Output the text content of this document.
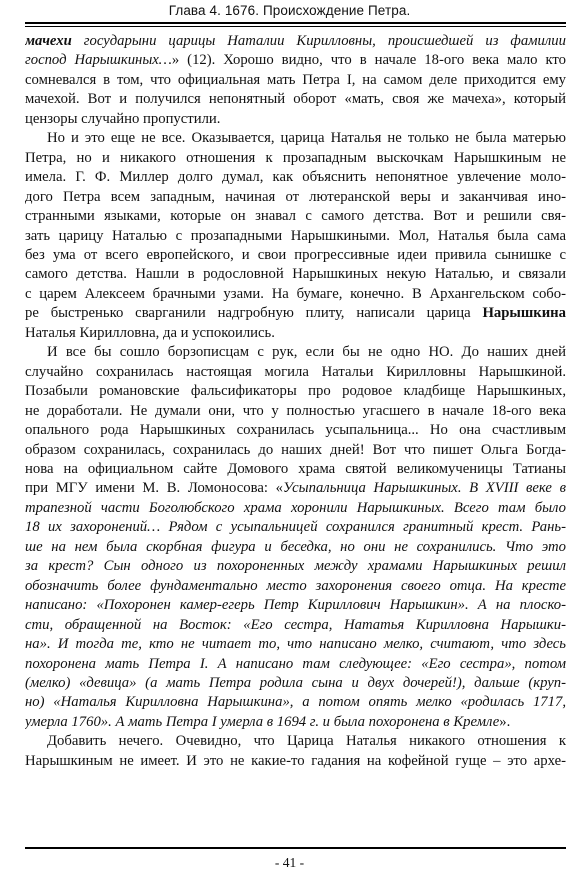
Глава 4. 1676. Происхождение Петра.
мачехи государыни царицы Наталии Кирилловны, происшедшей из фамилии
господ Нарышкиных…» (12). Хорошо видно, что в начале 18-ого века мало кто
сомневался в том, что официальная мать Петра I, на самом деле приходится ему
мачехой. Вот и получился непонятный оборот «мать, своя же мачеха», который
цензоры случайно пропустили.
Но и это еще не все. Оказывается, царица Наталья не только не была матерью
Петра, но и никакого отношения к прозападным выскочкам Нарышкиным не
имела. Г. Ф. Миллер долго думал, как объяснить непонятное увлечение моло-
дого Петра всем западным, начиная от лютеранской веры и заканчивая ино-
странными языками, которые он знавал с самого детства. Вот и решили свя-
зать царицу Наталью с прозападными Нарышкиными. Мол, Наталья была сама
без ума от всего европейского, и свои прогрессивные идеи привила сынишке с
самого детства. Нашли в родословной Нарышкиных некую Наталью, и связали
с царем Алексеем брачными узами. На бумаге, конечно. В Архангельском собо-
ре быстренько сварганили надгробную плиту, написали царица Нарышкина
Наталья Кирилловна, да и успокоились.
И все бы сошло борзописцам с рук, если бы не одно НО. До наших дней
случайно сохранилась настоящая могила Натальи Кирилловны Нарышкиной.
Позабыли романовские фальсификаторы про родовое кладбище Нарышкиных,
не доработали. Не думали они, что у полностью угасшего в начале 18-ого века
опального рода Нарышкиных сохранилась усыпальница... Но она счастливым
образом сохранилась, сохранилась до наших дней! Вот что пишет Ольга Богда-
нова на официальном сайте Домового храма святой великомученицы Татианы
при МГУ имени М. В. Ломоносова: «Усыпальница Нарышкиных. В XVIII веке в
трапезной части Боголюбского храма хоронили Нарышкиных. Всего там было
18 их захоронений… Рядом с усыпальницей сохранился гранитный крест. Рань-
ше на нем была скорбная фигура и беседка, но они не сохранились. Что это
за крест? Сын одного из похороненных между храмами Нарышкиных решил
обозначить более фундаментально место захоронения своего отца. На кресте
написано: «Похоронен камер-егерь Петр Кириллович Нарышкин». А на плоско-
сти, обращенной на Восток: «Его сестра, Нататья Кирилловна Нарышки-
на». И тогда те, кто не читает то, что написано мелко, считают, что здесь
похоронена мать Петра I. А написано там следующее: «Его сестра», потом
(мелко) «девица» (а мать Петра родила сына и двух дочерей!), дальше (круп-
но) «Наталья Кирилловна Нарышкина», а потом опять мелко «родилась 1717,
умерла 1760». А мать Петра I умерла в 1694 г. и была похоронена в Кремле».
Добавить нечего. Очевидно, что Царица Наталья никакого отношения к
Нарышкиным не имеет. И это не какие-то гадания на кофейной гуще – это архе-
- 41 -
